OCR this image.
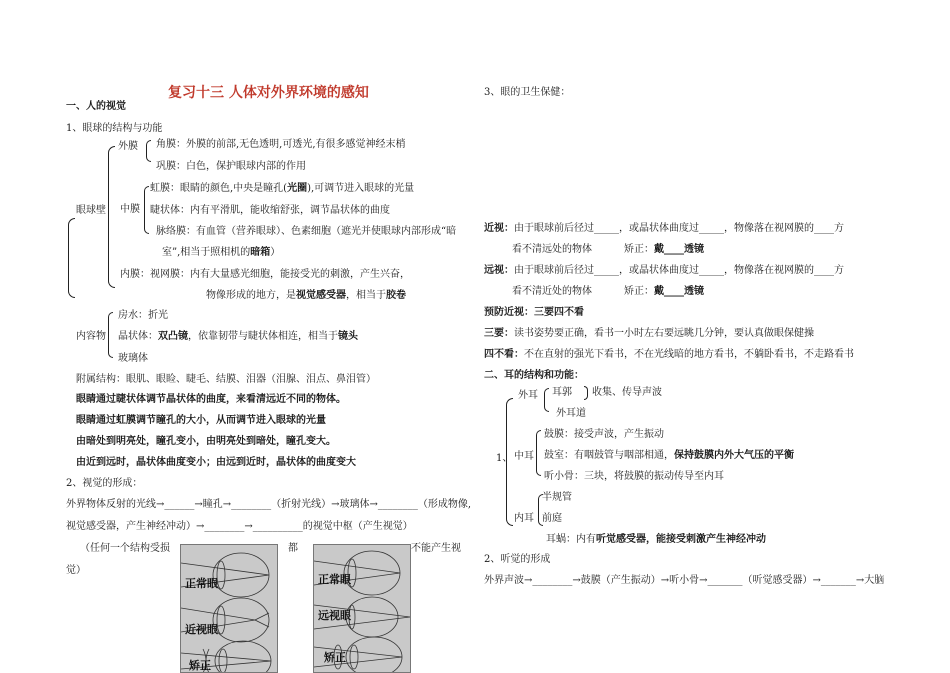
复习十三 人体对外界环境的感知
一、人的视觉
1、眼球的结构与功能
眼球壁
外膜 角膜：外膜的前部,无色透明,可透光,有很多感觉神经末梢
巩膜：白色，保护眼球内部的作用
中膜
虹膜：眼睛的颜色,中央是瞳孔(光圈),可调节进入眼球的光量
睫状体：内有平滑肌，能收缩舒张，调节晶状体的曲度
脉络膜：有血管（营养眼球）、色素细胞（遮光并使眼球内部形成“暗
室”,相当于照相机的暗箱）
内膜：视网膜：内有大量感光细胞，能接受光的刺激，产生兴奋，
物像形成的地方，是视觉感受器，相当于胶卷
内容物
房水：折光
晶状体：双凸镜，依靠韧带与睫状体相连，相当于镜头
玻璃体
附属结构：眼肌、眼睑、睫毛、结膜、泪器（泪腺、泪点、鼻泪管）
眼睛通过睫状体调节晶状体的曲度，来看清远近不同的物体。
眼睛通过虹膜调节瞳孔的大小，从而调节进入眼球的光量
由暗处到明亮处，瞳孔变小，由明亮处到暗处，瞳孔变大。
由近到远时，晶状体曲度变小；由远到近时，晶状体的曲度变大
2、视觉的形成：
外界物体反射的光线→______→瞳孔→________（折射光线）→玻璃体→________（形成物像,
视觉感受器，产生神经冲动）→________→__________的视觉中枢（产生视觉）
（任何一个结构受损	都	不能产生视
觉）
正常眼
近视眼
矫正
正常眼
远视眼
矫正
3、眼的卫生保健：
近视：由于眼球前后径过_____，或晶状体曲度过_____，物像落在视网膜的____方
看不清远处的物体	矫正：戴____透镜
远视：由于眼球前后径过_____，或晶状体曲度过_____，物像落在视网膜的____方
看不清近处的物体	矫正：戴____透镜
预防近视：三要四不看
三要：读书姿势要正确，看书一小时左右要远眺几分钟，要认真做眼保健操
四不看：不在直射的强光下看书，不在光线暗的地方看书，不躺卧看书，不走路看书
二、耳的结构和功能：
1、
外耳 耳郭 收集、传导声波
外耳道
中耳
鼓膜：接受声波，产生振动
鼓室：有咽鼓管与咽部相通，保持鼓膜内外大气压的平衡
听小骨：三块，将鼓膜的振动传导至内耳
半规管
内耳 前庭
耳蜗：内有听觉感受器，能接受刺激产生神经冲动
2、听觉的形成
外界声波→________→鼓膜（产生振动）→听小骨→_______（听觉感受器）→_______→大脑
